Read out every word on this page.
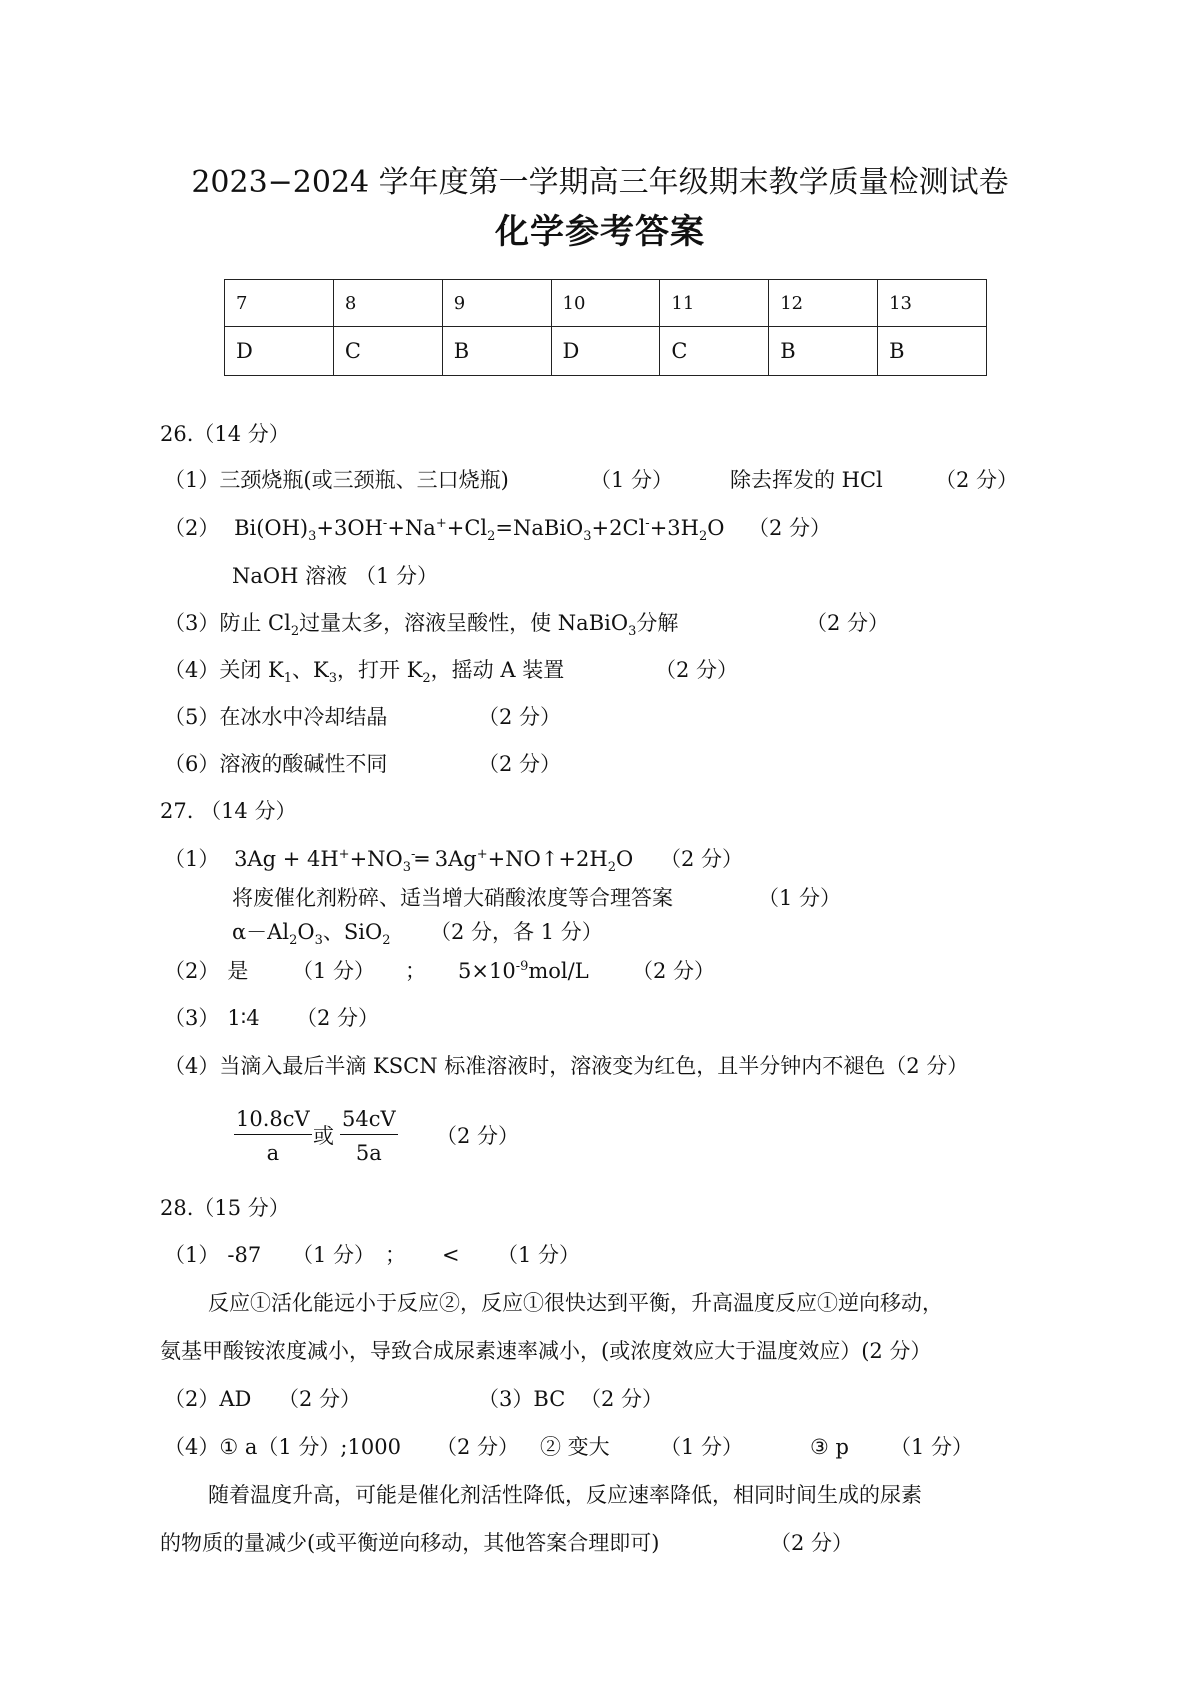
2023−2024 学年度第一学期高三年级期末教学质量检测试卷
化学参考答案
7	8	9	10	11	12	13
D	C	B	D	C	B	B
26.（14 分）
（1）三颈烧瓶(或三颈瓶、三口烧瓶)	（1 分）	除去挥发的 HCl （2 分）
（2） $Bi(OH)_3+3OH^-+Na^++Cl_2=NaBiO_3+2Cl^-+3H_2O$ （2 分）
NaOH 溶液 （1 分）
（3）防止 $Cl_2$过量太多，溶液呈酸性，使 NaBiO$_3$分解	（2 分）
（4）关闭 $K_1$、$K_3$，打开 $K_2$，摇动 A 装置	（2 分）
（5）在冰水中冷却结晶	（2 分）
（6）溶液的酸碱性不同	（2 分）
27. （14 分）
（1） $3Ag + 4H^++NO_3^-═$ $3Ag^++NO↑+2H_2O$ （2 分）
将废催化剂粉碎、适当增大硝酸浓度等合理答案	（1 分）
$\alpha-Al_2O_3$、SiO$_2$ （2 分，各 1 分）
（2） 是 （1 分） ； $5\times 10^{-9}mol/L$ （2 分）
（3） 1∶4 （2 分）
（4）当滴入最后半滴 KSCN 标准溶液时，溶液变为红色，且半分钟内不褪色（2 分）
$\frac{10.8cV}{a}$ 或 $\frac{54cV}{5a} (2$ 分）
28.（15 分）
（1） -87 （1 分） ； < （1 分）
反应①活化能远小于反应②，反应①很快达到平衡，升高温度反应①逆向移动，
氨基甲酸铵浓度减小，导致合成尿素速率减小，(或浓度效应大于温度效应）(2 分）
（2）AD （2 分）	（3）BC （2 分）
（4）① a（1 分）;1000 （2 分） ② 变大 （1 分）	③ p （1 分）
随着温度升高，可能是催化剂活性降低，反应速率降低，相同时间生成的尿素
的物质的量减少(或平衡逆向移动，其他答案合理即可)	（2 分）
